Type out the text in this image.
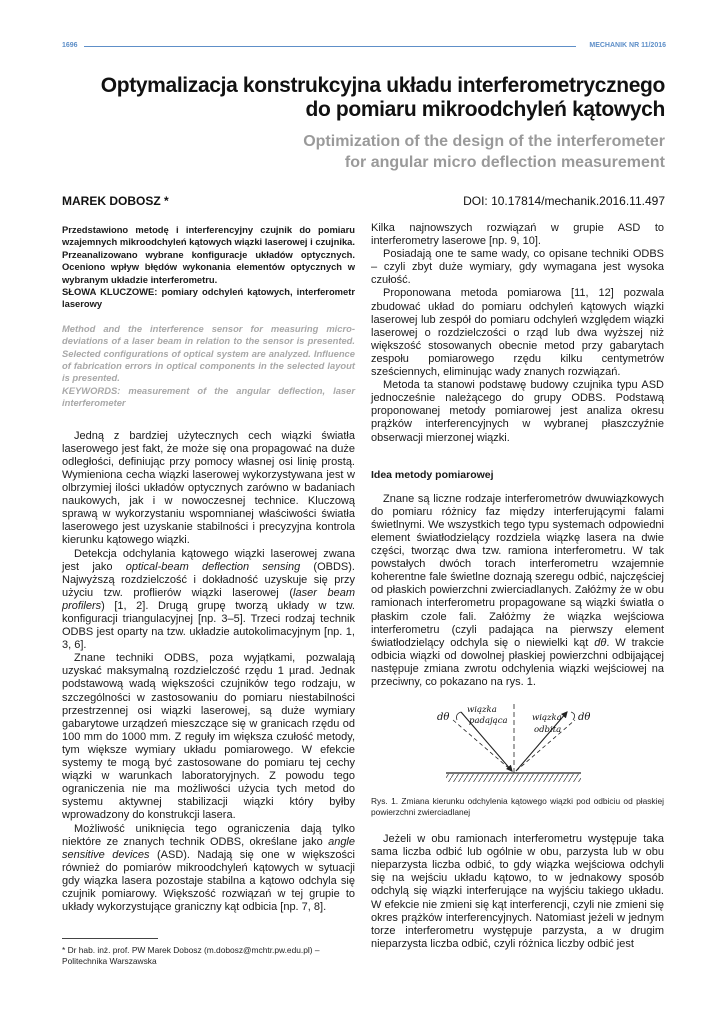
1696	MECHANIK NR 11/2016
Optymalizacja konstrukcyjna układu interferometrycznego
do pomiaru mikroodchyleń kątowych
Optimization of the design of the interferometer
for angular micro deflection measurement
MAREK DOBOSZ *	DOI: 10.17814/mechanik.2016.11.497

Przedstawiono metodę i interferencyjny czujnik do pomiaru wzajemnych mikroodchyleń kątowych wiązki laserowej i czujnika. Przeanalizowano wybrane konfiguracje układów optycznych. Oceniono wpływ błędów wykonania elementów optycznych w wybranym układzie interferometru.

SŁOWA KLUCZOWE: pomiary odchyleń kątowych, interferometr laserowy

Method and the interference sensor for measuring micro-deviations of a laser beam in relation to the sensor is presented. Selected configurations of optical system are analyzed. Influence of fabrication errors in optical components in the selected layout is presented.

KEYWORDS: measurement of the angular deflection, laser interferometer

Jedną z bardziej użytecznych cech wiązki światła laserowego jest fakt, że może się ona propagować na duże odległości, definiując przy pomocy własnej osi linię prostą. Wymieniona cecha wiązki laserowej wykorzystywana jest w olbrzymiej ilości układów optycznych zarówno w badaniach naukowych, jak i w nowoczesnej technice. Kluczową sprawą w wykorzystaniu wspomnianej właściwości światła laserowego jest uzyskanie stabilności i precyzyjna kontrola kierunku kątowego wiązki.

Detekcja odchylania kątowego wiązki laserowej zwana jest jako optical-beam deflection sensing (OBDS). Najwyższą rozdzielczość i dokładność uzyskuje się przy użyciu tzw. proflierów wiązki laserowej (laser beam profilers) [1, 2]. Drugą grupę tworzą układy w tzw. konfiguracji triangulacyjnej [np. 3–5]. Trzeci rodzaj technik ODBS jest oparty na tzw. układzie autokolimacyjnym [np. 1, 3, 6].

Znane techniki ODBS, poza wyjątkami, pozwalają uzyskać maksymalną rozdzielczość rzędu 1 µrad. Jednak podstawową wadą większości czujników tego rodzaju, w szczególności w zastosowaniu do pomiaru niestabilności przestrzennej osi wiązki laserowej, są duże wymiary gabarytowe urządzeń mieszczące się w granicach rzędu od 100 mm do 1000 mm. Z reguły im większa czułość metody, tym większe wymiary układu pomiarowego. W efekcie systemy te mogą być zastosowane do pomiaru tej cechy wiązki w warunkach laboratoryjnych. Z powodu tego ograniczenia nie ma możliwości użycia tych metod do systemu aktywnej stabilizacji wiązki który byłby wprowadzony do konstrukcji lasera.

Możliwość uniknięcia tego ograniczenia dają tylko niektóre ze znanych technik ODBS, określane jako angle sensitive devices (ASD). Nadają się one w większości również do pomiarów mikroodchyleń kątowych w sytuacji gdy wiązka lasera pozostaje stabilna a kątowo odchyla się czujnik pomiarowy. Większość rozwiązań w tej grupie to układy wykorzystujące graniczny kąt odbicia [np. 7, 8].

Kilka najnowszych rozwiązań w grupie ASD to interferometry laserowe [np. 9, 10].

Posiadają one te same wady, co opisane techniki ODBS – czyli zbyt duże wymiary, gdy wymagana jest wysoka czułość.

Proponowana metoda pomiarowa [11, 12] pozwala zbudować układ do pomiaru odchyleń kątowych wiązki laserowej lub zespół do pomiaru odchyleń względem wiązki laserowej o rozdzielczości o rząd lub dwa wyższej niż większość stosowanych obecnie metod przy gabarytach zespołu pomiarowego rzędu kilku centymetrów sześciennych, eliminując wady znanych rozwiązań.

Metoda ta stanowi podstawę budowy czujnika typu ASD jednocześnie należącego do grupy ODBS. Podstawą proponowanej metody pomiarowej jest analiza okresu prążków interferencyjnych w wybranej płaszczyźnie obserwacji mierzonej wiązki.

Idea metody pomiarowej

Znane są liczne rodzaje interferometrów dwuwiązkowych do pomiaru różnicy faz między interferującymi falami świetlnymi. We wszystkich tego typu systemach odpowiedni element światłodzielący rozdziela wiązkę lasera na dwie części, tworząc dwa tzw. ramiona interferometru. W tak powstałych dwóch torach interferometru wzajemnie koherentne fale świetlne doznają szeregu odbić, najczęściej od płaskich powierzchni zwierciadlanych. Załóżmy że w obu ramionach interferometru propagowane są wiązki światła o płaskim czole fali. Załóżmy że wiązka wejściowa interferometru (czyli padająca na pierwszy element światłodzielący odchyla się o niewielki kąt dθ. W trakcie odbicia wiązki od dowolnej płaskiej powierzchni odbijającej następuje zmiana zwrotu odchylenia wiązki wejściowej na przeciwny, co pokazano na rys. 1.

dθ	dθ
wiązka
padająca	wiązka
odbita

Rys. 1. Zmiana kierunku odchylenia kątowego wiązki pod odbiciu od płaskiej powierzchni zwierciadlanej

Jeżeli w obu ramionach interferometru występuje taka sama liczba odbić lub ogólnie w obu, parzysta lub w obu nieparzysta liczba odbić, to gdy wiązka wejściowa odchyli się na wejściu układu kątowo, to w jednakowy sposób odchylą się wiązki interferujące na wyjściu takiego układu. W efekcie nie zmieni się kąt interferencji, czyli nie zmieni się okres prążków interferencyjnych. Natomiast jeżeli w jednym torze interferometru występuje parzysta, a w drugim nieparzysta liczba odbić, czyli różnica liczby odbić jest

* Dr hab. inż. prof. PW Marek Dobosz (m.dobosz@mchtr.pw.edu.pl) – Politechnika Warszawska
